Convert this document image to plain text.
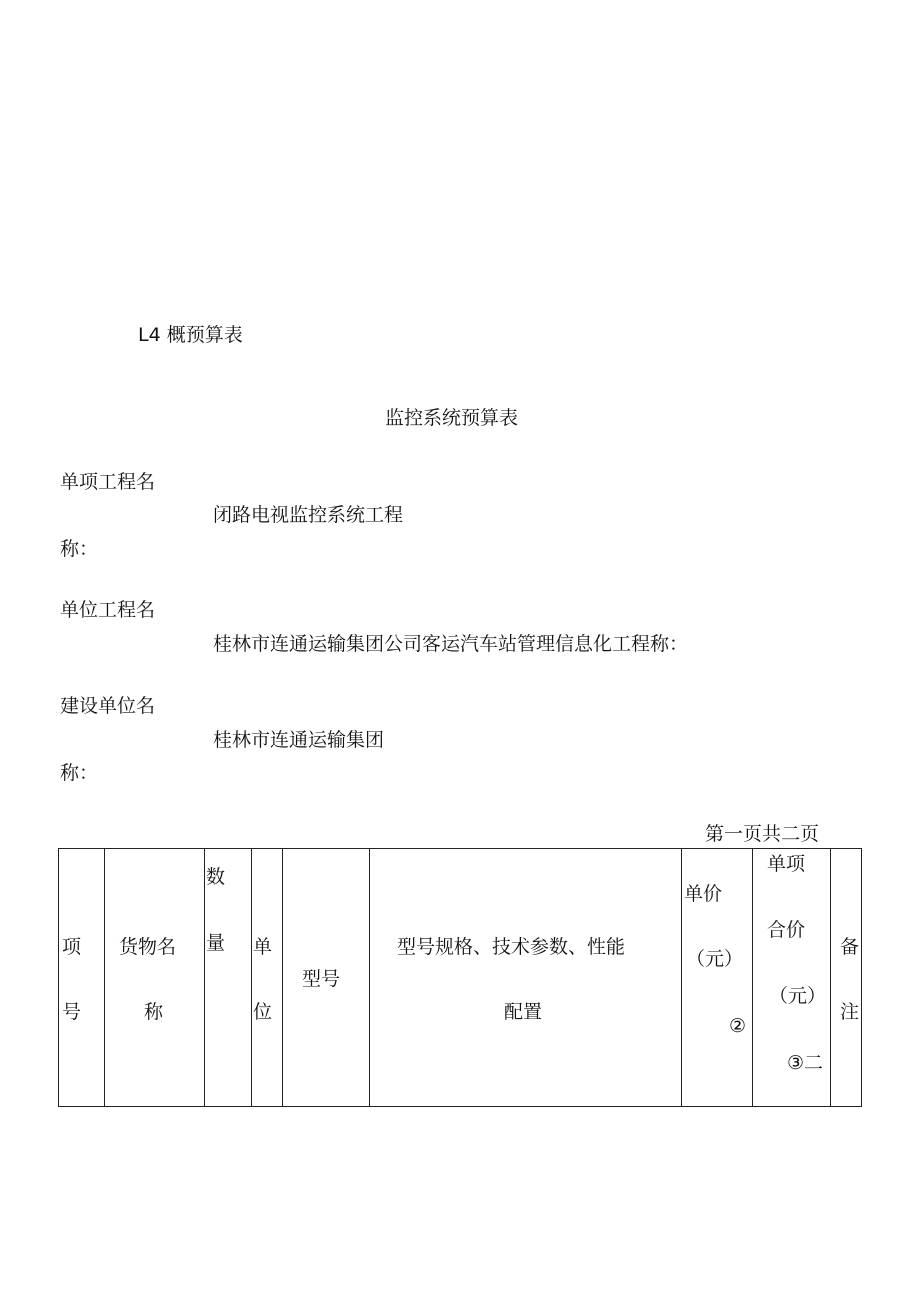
L4 概预算表
监控系统预算表
单项工程名
闭路电视监控系统工程
称：
单位工程名
桂林市连通运输集团公司客运汽车站管理信息化工程称：
建设单位名
桂林市连通运输集团
称：
第一页共二页
项
号
货物名
称
数
量 单
位
型号
型号规格、技术参数、性能
配置
单价
（元）
②
单项
合价
（元）
③二
备
注
